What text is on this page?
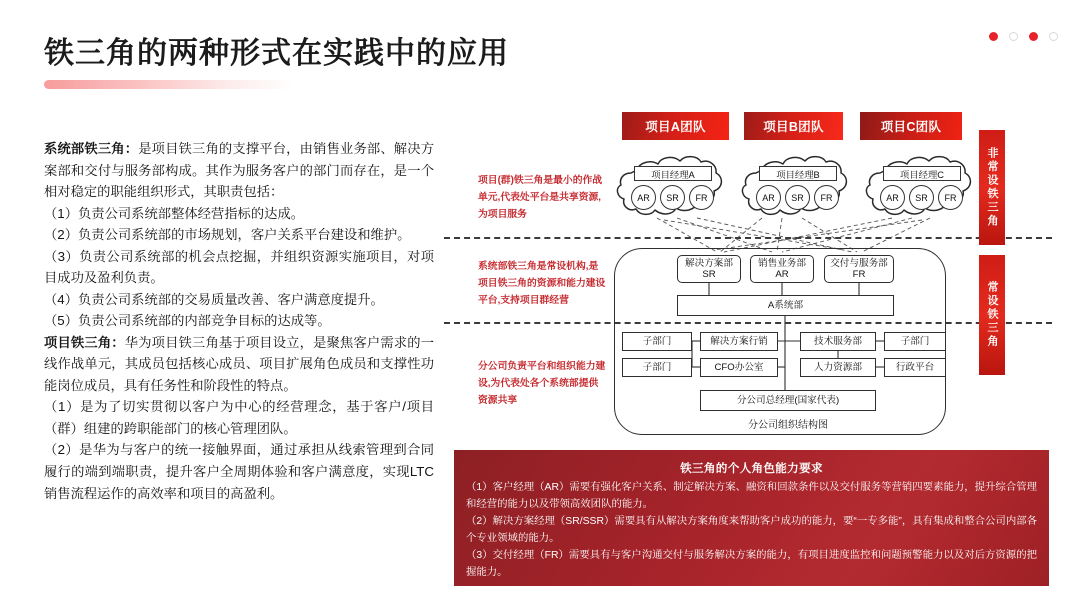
铁三角的两种形式在实践中的应用

系统部铁三角：是项目铁三角的支撑平台，由销售业务部、解决方案部和交付与服务部构成。其作为服务客户的部门而存在，是一个相对稳定的职能组织形式，其职责包括：

（1）负责公司系统部整体经营指标的达成。

（2）负责公司系统部的市场规划，客户关系平台建设和维护。

（3）负责公司系统部的机会点挖掘，并组织资源实施项目，对项目成功及盈利负责。

（4）负责公司系统部的交易质量改善、客户满意度提升。

（5）负责公司系统部的内部竞争目标的达成等。

项目铁三角：华为项目铁三角基于项目设立，是聚焦客户需求的一线作战单元，其成员包括核心成员、项目扩展角色成员和支撑性功能岗位成员，具有任务性和阶段性的特点。

（1）是为了切实贯彻以客户为中心的经营理念，基于客户/项目（群）组建的跨职能部门的核心管理团队。

（2）是华为与客户的统一接触界面，通过承担从线索管理到合同履行的端到端职责，提升客户全周期体验和客户满意度，实现LTC销售流程运作的高效率和项目的高盈利。

项目A团队	项目B团队	项目C团队
项目经理A
AR	SR	FR
项目经理B
AR	SR	FR
项目经理C
AR	SR	FR
解决方案部
SR
销售业务部
AR
交付与服务部
FR
A系统部
子部门
子部门
解决方案行销
CFO办公室
技术服务部
人力资源部
子部门
行政平台
分公司总经理(国家代表)
分公司组织结构图
项目(群)铁三角是最小的作战单元,代表处平台是共享资源,为项目服务
系统部铁三角是常设机构,是项目铁三角的资源和能力建设平台,支持项目群经营
分公司负责平台和组织能力建设,为代表处各个系统部提供资源共享
非常设铁三角
常设铁三角
铁三角的个人角色能力要求

（1）客户经理（AR）需要有强化客户关系、制定解决方案、融资和回款条件以及交付服务等营销四要素能力，提升综合管理和经营的能力以及带领高效团队的能力。

（2）解决方案经理（SR/SSR）需要具有从解决方案角度来帮助客户成功的能力，要“一专多能”，具有集成和整合公司内部各个专业领域的能力。

（3）交付经理（FR）需要具有与客户沟通交付与服务解决方案的能力，有项目进度监控和问题预警能力以及对后方资源的把握能力。
